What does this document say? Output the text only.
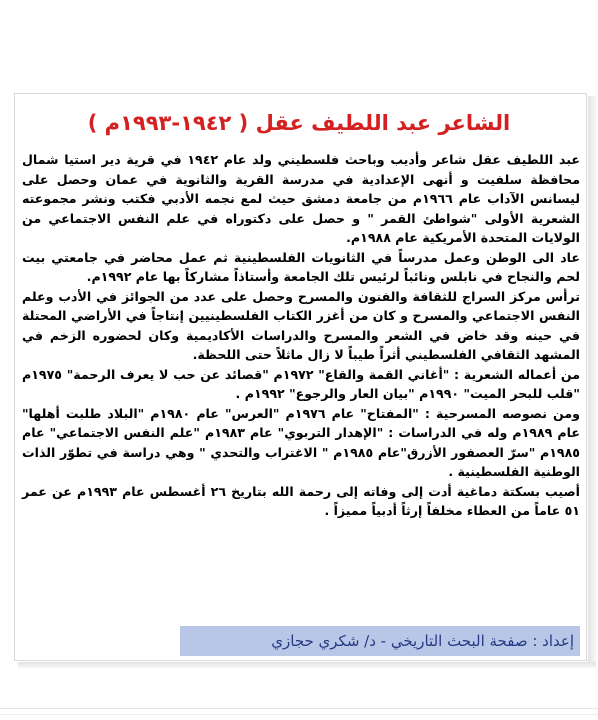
الشاعر عبد اللطيف عقل ( ١٩٤٢-١٩٩٣م )

عبد اللطيف عقل شاعر وأديب وباحث فلسطيني ولد عام ١٩٤٢ في قرية دير استيا شمال محافظة سلفيت و أنهى الإعدادية في مدرسة القرية والثانوية في عمان وحصل على ليسانس الآداب عام ١٩٦٦م من جامعة دمشق حيث لمع نجمه الأدبي فكتب ونشر مجموعته الشعرية الأولى "شواطئ القمر " و حصل على دكتوراه في علم النفس الاجتماعي من الولايات المتحدة الأمريكية عام ١٩٨٨م.

عاد الى الوطن وعمل مدرساً في الثانويات الفلسطينية ثم عمل محاضر في جامعتي بيت لحم والنجاح في نابلس ونائباً لرئيس تلك الجامعة وأستاذاً مشاركاً بها عام ١٩٩٢م.

ترأس مركز السراج للثقافة والفنون والمسرح وحصل على عدد من الجوائز في الأدب وعلم النفس الاجتماعي والمسرح و كان من أغزر الكتاب الفلسطينيين إنتاجاً في الأراضي المحتلة في حينه وقد خاض في الشعر والمسرح والدراسات الأكاديمية وكان لحضوره الزخم في المشهد الثقافي الفلسطيني أثراً طيباً لا زال ماثلاً حتى اللحظة.

من أعماله الشعرية : "أغاني القمة والقاع" ١٩٧٢م "قصائد عن حب لا يعرف الرحمة" ١٩٧٥م "قلب للبحر الميت" ١٩٩٠م "بيان العار والرجوع" ١٩٩٢م .

ومن نصوصه المسرحية : "المفتاح" عام ١٩٧٦م "العرس" عام ١٩٨٠م "البلاد طلبت أهلها" عام ١٩٨٩م وله في الدراسات : "الإهدار التربوي" عام ١٩٨٣م "علم النفس الاجتماعي" عام ١٩٨٥م "سرّ العصفور الأزرق"عام ١٩٨٥م " الاغتراب والتحدي " وهي دراسة في تطوّر الذات الوطنية الفلسطينية .

أصيب بسكتة دماغية أدت إلى وفاته إلى رحمة الله بتاريخ ٢٦ أغسطس عام ١٩٩٣م عن عمر ٥١ عاماً من العطاء مخلفاً إرثاً أدبياً مميزاً .

إعداد : صفحة البحث التاريخي - د/ شكري حجازي
